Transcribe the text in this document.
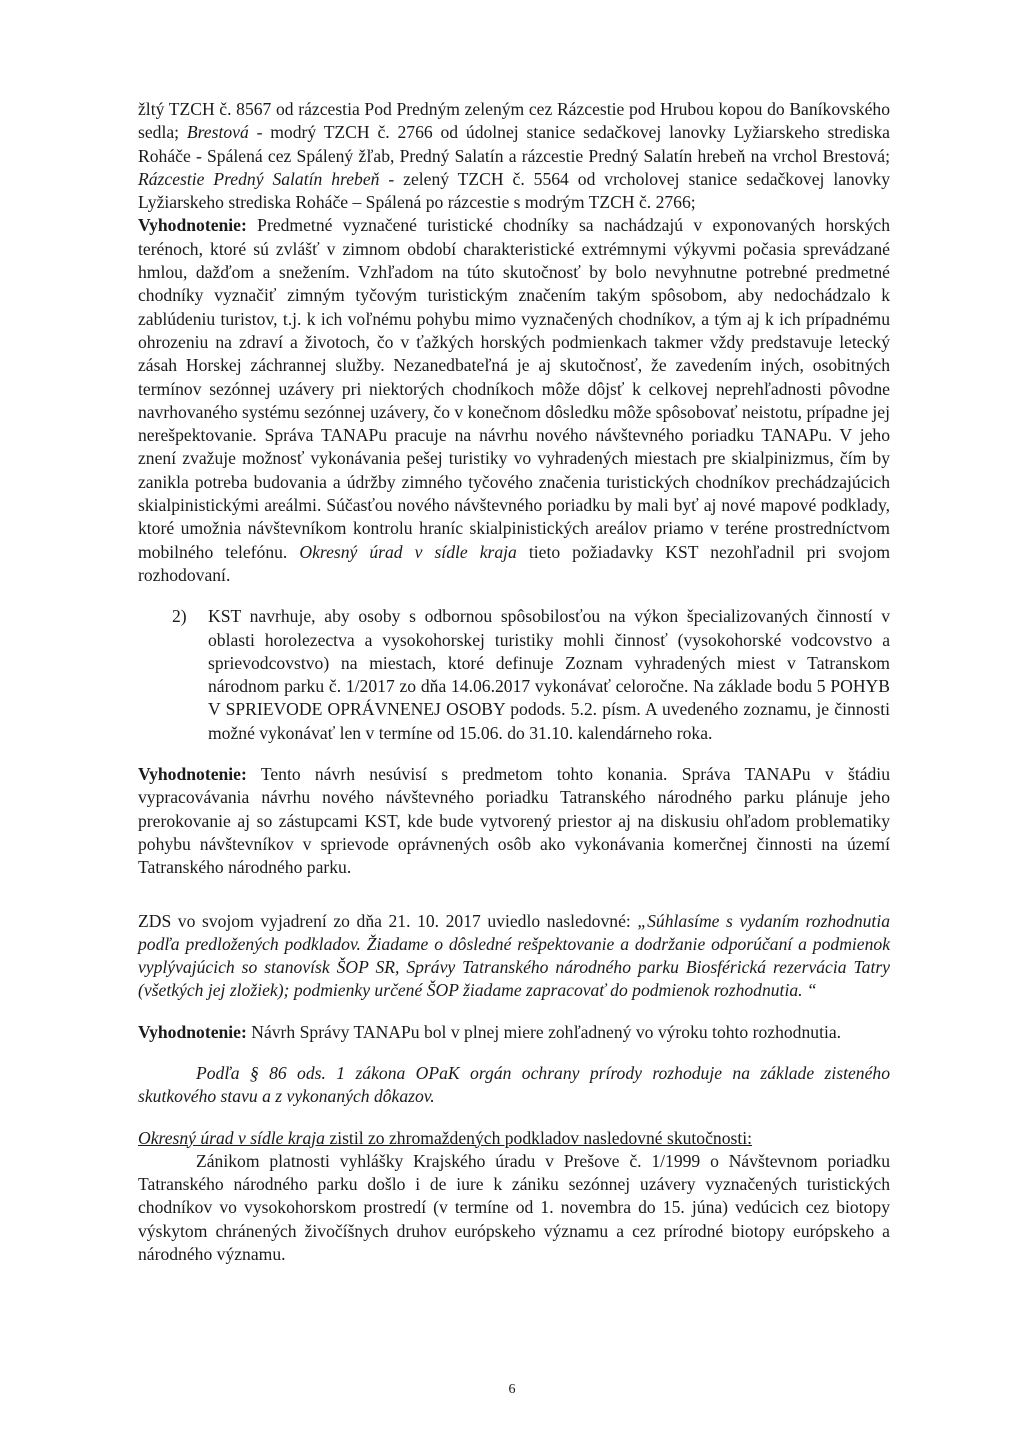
žltý TZCH č. 8567 od rázcestia Pod Predným zeleným cez Rázcestie pod Hrubou kopou do Baníkovského sedla; Brestová - modrý TZCH č. 2766 od údolnej stanice sedačkovej lanovky Lyžiarskeho strediska Roháče - Spálená cez Spálený žľab, Predný Salatín a rázcestie Predný Salatín hrebeň na vrchol Brestová; Rázcestie Predný Salatín hrebeň - zelený TZCH č. 5564 od vrcholovej stanice sedačkovej lanovky Lyžiarskeho strediska Roháče – Spálená po rázcestie s modrým TZCH č. 2766;

Vyhodnotenie: Predmetné vyznačené turistické chodníky sa nachádzajú v exponovaných horských terénoch, ktoré sú zvlášť v zimnom období charakteristické extrémnymi výkyvmi počasia sprevádzané hmlou, dažďom a snežením. Vzhľadom na túto skutočnosť by bolo nevyhnutne potrebné predmetné chodníky vyznačiť zimným tyčovým turistickým značením takým spôsobom, aby nedochádzalo k zablúdeniu turistov, t.j. k ich voľnému pohybu mimo vyznačených chodníkov, a tým aj k ich prípadnému ohrozeniu na zdraví a životoch, čo v ťažkých horských podmienkach takmer vždy predstavuje letecký zásah Horskej záchrannej služby. Nezanedbateľná je aj skutočnosť, že zavedením iných, osobitných termínov sezónnej uzávery pri niektorých chodníkoch môže dôjsť k celkovej neprehľadnosti pôvodne navrhovaného systému sezónnej uzávery, čo v konečnom dôsledku môže spôsobovať neistotu, prípadne jej nerešpektovanie. Správa TANAPu pracuje na návrhu nového návštevného poriadku TANAPu. V jeho znení zvažuje možnosť vykonávania pešej turistiky vo vyhradených miestach pre skialpinizmus, čím by zanikla potreba budovania a údržby zimného tyčového značenia turistických chodníkov prechádzajúcich skialpinistickými areálmi. Súčasťou nového návštevného poriadku by mali byť aj nové mapové podklady, ktoré umožnia návštevníkom kontrolu hraníc skialpinistických areálov priamo v teréne prostredníctvom mobilného telefónu. Okresný úrad v sídle kraja tieto požiadavky KST nezohľadnil pri svojom rozhodovaní.

2) KST navrhuje, aby osoby s odbornou spôsobilosťou na výkon špecializovaných činností v oblasti horolezectva a vysokohorskej turistiky mohli činnosť (vysokohorské vodcovstvo a sprievodcovstvo) na miestach, ktoré definuje Zoznam vyhradených miest v Tatranskom národnom parku č. 1/2017 zo dňa 14.06.2017 vykonávať celoročne. Na základe bodu 5 POHYB V SPRIEVODE OPRÁVNENEJ OSOBY podods. 5.2. písm. A uvedeného zoznamu, je činnosti možné vykonávať len v termíne od 15.06. do 31.10. kalendárneho roka.

Vyhodnotenie: Tento návrh nesúvisí s predmetom tohto konania. Správa TANAPu v štádiu vypracovávania návrhu nového návštevného poriadku Tatranského národného parku plánuje jeho prerokovanie aj so zástupcami KST, kde bude vytvorený priestor aj na diskusiu ohľadom problematiky pohybu návštevníkov v sprievode oprávnených osôb ako vykonávania komerčnej činnosti na území Tatranského národného parku.

ZDS vo svojom vyjadrení zo dňa 21. 10. 2017 uviedlo nasledovné: „Súhlasíme s vydaním rozhodnutia podľa predložených podkladov. Žiadame o dôsledné rešpektovanie a dodržanie odporúčaní a podmienok vyplývajúcich so stanovísk ŠOP SR, Správy Tatranského národného parku Biosférická rezervácia Tatry (všetkých jej zložiek); podmienky určené ŠOP žiadame zapracovať do podmienok rozhodnutia. “

Vyhodnotenie: Návrh Správy TANAPu bol v plnej miere zohľadnený vo výroku tohto rozhodnutia.

Podľa § 86 ods. 1 zákona OPaK orgán ochrany prírody rozhoduje na základe zisteného skutkového stavu a z vykonaných dôkazov.

Okresný úrad v sídle kraja zistil zo zhromaždených podkladov nasledovné skutočnosti:

Zánikom platnosti vyhlášky Krajského úradu v Prešove č. 1/1999 o Návštevnom poriadku Tatranského národného parku došlo i de iure k zániku sezónnej uzávery vyznačených turistických chodníkov vo vysokohorskom prostredí (v termíne od 1. novembra do 15. júna) vedúcich cez biotopy výskytom chránených živočíšnych druhov európskeho významu a cez prírodné biotopy európskeho a národného významu.

6
